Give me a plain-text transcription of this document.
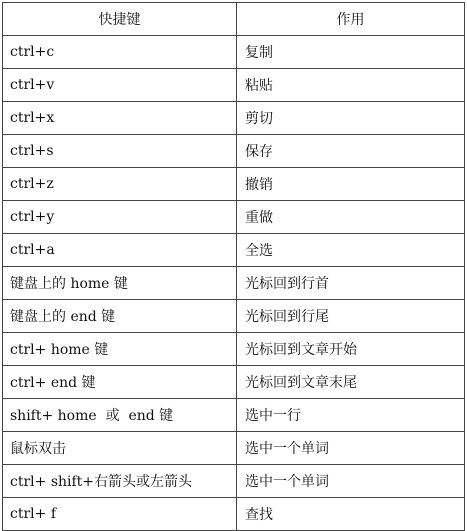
快捷键	作用
ctrl+c	复制
ctrl+v	粘贴
ctrl+x	剪切
ctrl+s	保存
ctrl+z	撤销
ctrl+y	重做
ctrl+a	全选
键盘上的 home 键	光标回到行首
键盘上的 end 键	光标回到行尾
ctrl+ home 键	光标回到文章开始
ctrl+ end 键	光标回到文章末尾
shift+ home  或  end 键	选中一行
鼠标双击	选中一个单词
ctrl+ shift+右箭头或左箭头	选中一个单词
ctrl+ f	查找
